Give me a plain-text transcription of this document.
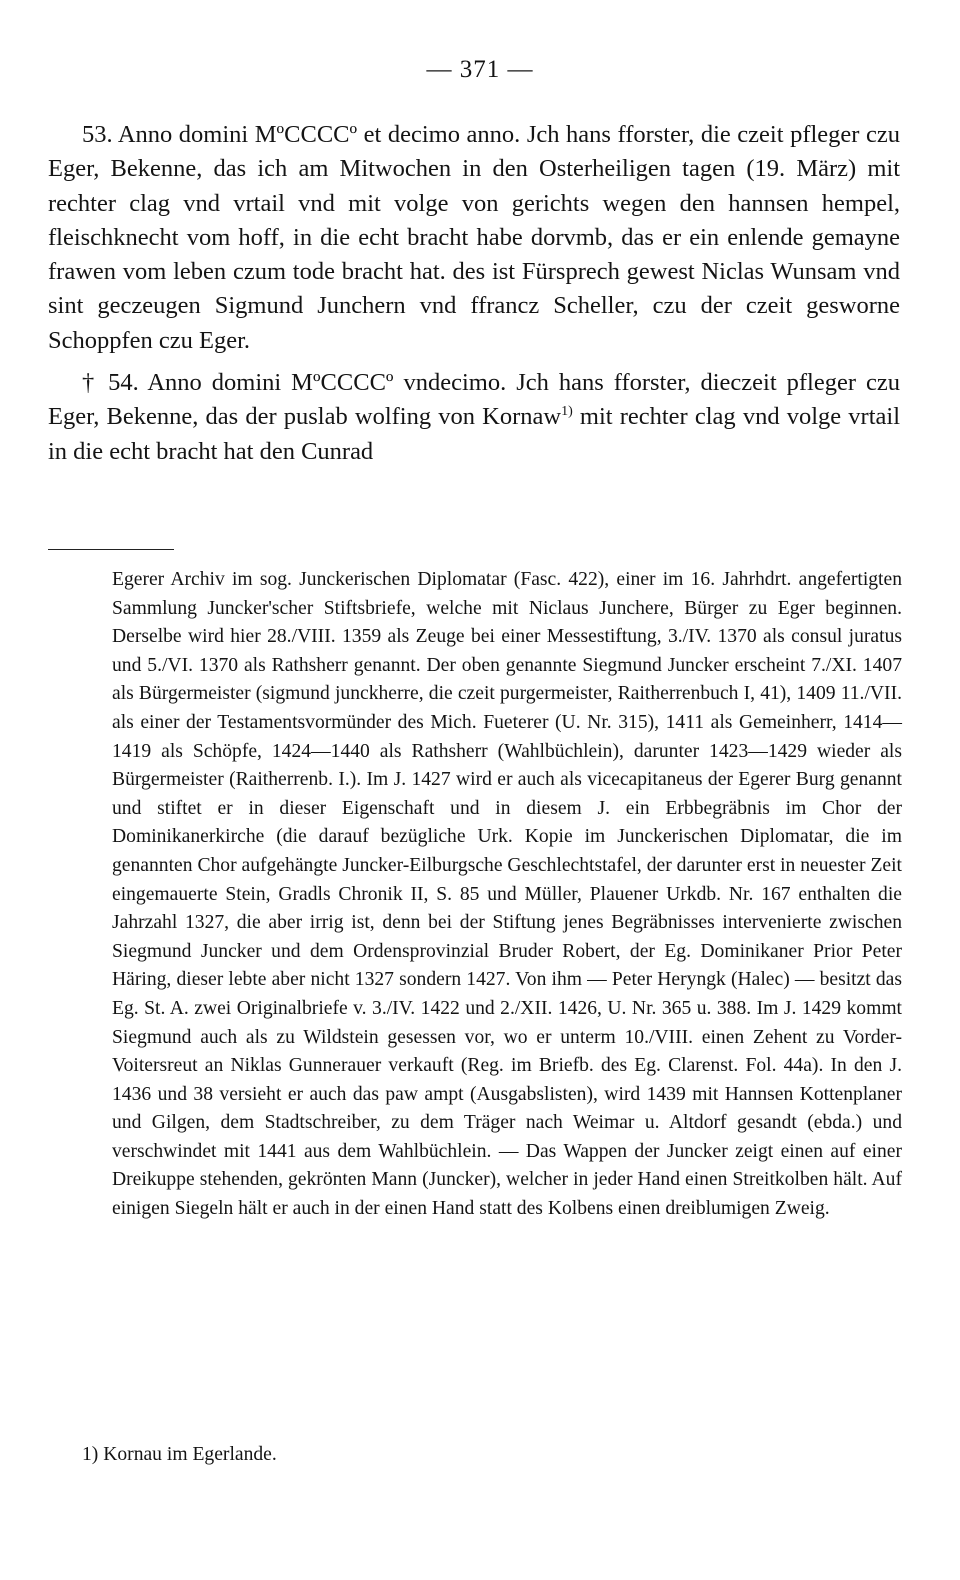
— 371 —

53. Anno domini MºCCCCº et decimo anno. Jch hans fforster, die czeit pfleger czu Eger, Bekenne, das ich am Mitwochen in den Osterheiligen tagen (19. März) mit rechter clag vnd vrtail vnd mit volge von gerichts wegen den hannsen hempel, fleischknecht vom hoff, in die echt bracht habe dorvmb, das er ein enlende gemayne frawen vom leben czum tode bracht hat. des ist Fürsprech gewest Niclas Wunsam vnd sint geczeugen Sigmund Junchern vnd ffrancz Scheller, czu der czeit gesworne Schoppfen czu Eger.

† 54. Anno domini MºCCCCº vndecimo. Jch hans fforster, dieczeit pfleger czu Eger, Bekenne, das der puslab wolfing von Kornaw$^{1)}$ mit rechter clag vnd volge vrtail in die echt bracht hat den Cunrad

Egerer Archiv im sog. Junckerischen Diplomatar (Fasc. 422), einer im 16. Jahrhdrt. angefertigten Sammlung Juncker'scher Stiftsbriefe, welche mit Niclaus Junchere, Bürger zu Eger beginnen. Derselbe wird hier 28./VIII. 1359 als Zeuge bei einer Messestiftung, 3./IV. 1370 als consul juratus und 5./VI. 1370 als Rathsherr genannt. Der oben genannte Siegmund Juncker erscheint 7./XI. 1407 als Bürgermeister (sigmund junckherre, die czeit purgermeister, Raitherrenbuch I, 41), 1409 11./VII. als einer der Testamentsvormünder des Mich. Fueterer (U. Nr. 315), 1411 als Gemeinherr, 1414—1419 als Schöpfe, 1424—1440 als Rathsherr (Wahlbüchlein), darunter 1423—1429 wieder als Bürgermeister (Raitherrenb. I.). Im J. 1427 wird er auch als vicecapitaneus der Egerer Burg genannt und stiftet er in dieser Eigenschaft und in diesem J. ein Erbbegräbnis im Chor der Dominikanerkirche (die darauf bezügliche Urk. Kopie im Junckerischen Diplomatar, die im genannten Chor aufgehängte Juncker-Eilburgsche Geschlechtstafel, der darunter erst in neuester Zeit eingemauerte Stein, Gradls Chronik II, S. 85 und Müller, Plauener Urkdb. Nr. 167 enthalten die Jahrzahl 1327, die aber irrig ist, denn bei der Stiftung jenes Begräbnisses intervenierte zwischen Siegmund Juncker und dem Ordensprovinzial Bruder Robert, der Eg. Dominikaner Prior Peter Häring, dieser lebte aber nicht 1327 sondern 1427. Von ihm — Peter Heryngk (Halec) — besitzt das Eg. St. A. zwei Originalbriefe v. 3./IV. 1422 und 2./XII. 1426, U. Nr. 365 u. 388. Im J. 1429 kommt Siegmund auch als zu Wildstein gesessen vor, wo er unterm 10./VIII. einen Zehent zu Vorder-Voitersreut an Niklas Gunnerauer verkauft (Reg. im Briefb. des Eg. Clarenst. Fol. 44a). In den J. 1436 und 38 versieht er auch das paw ampt (Ausgabslisten), wird 1439 mit Hannsen Kottenplaner und Gilgen, dem Stadtschreiber, zu dem Träger nach Weimar u. Altdorf gesandt (ebda.) und verschwindet mit 1441 aus dem Wahlbüchlein. — Das Wappen der Juncker zeigt einen auf einer Dreikuppe stehenden, gekrönten Mann (Juncker), welcher in jeder Hand einen Streitkolben hält. Auf einigen Siegeln hält er auch in der einen Hand statt des Kolbens einen dreiblumigen Zweig.

1) Kornau im Egerlande.
